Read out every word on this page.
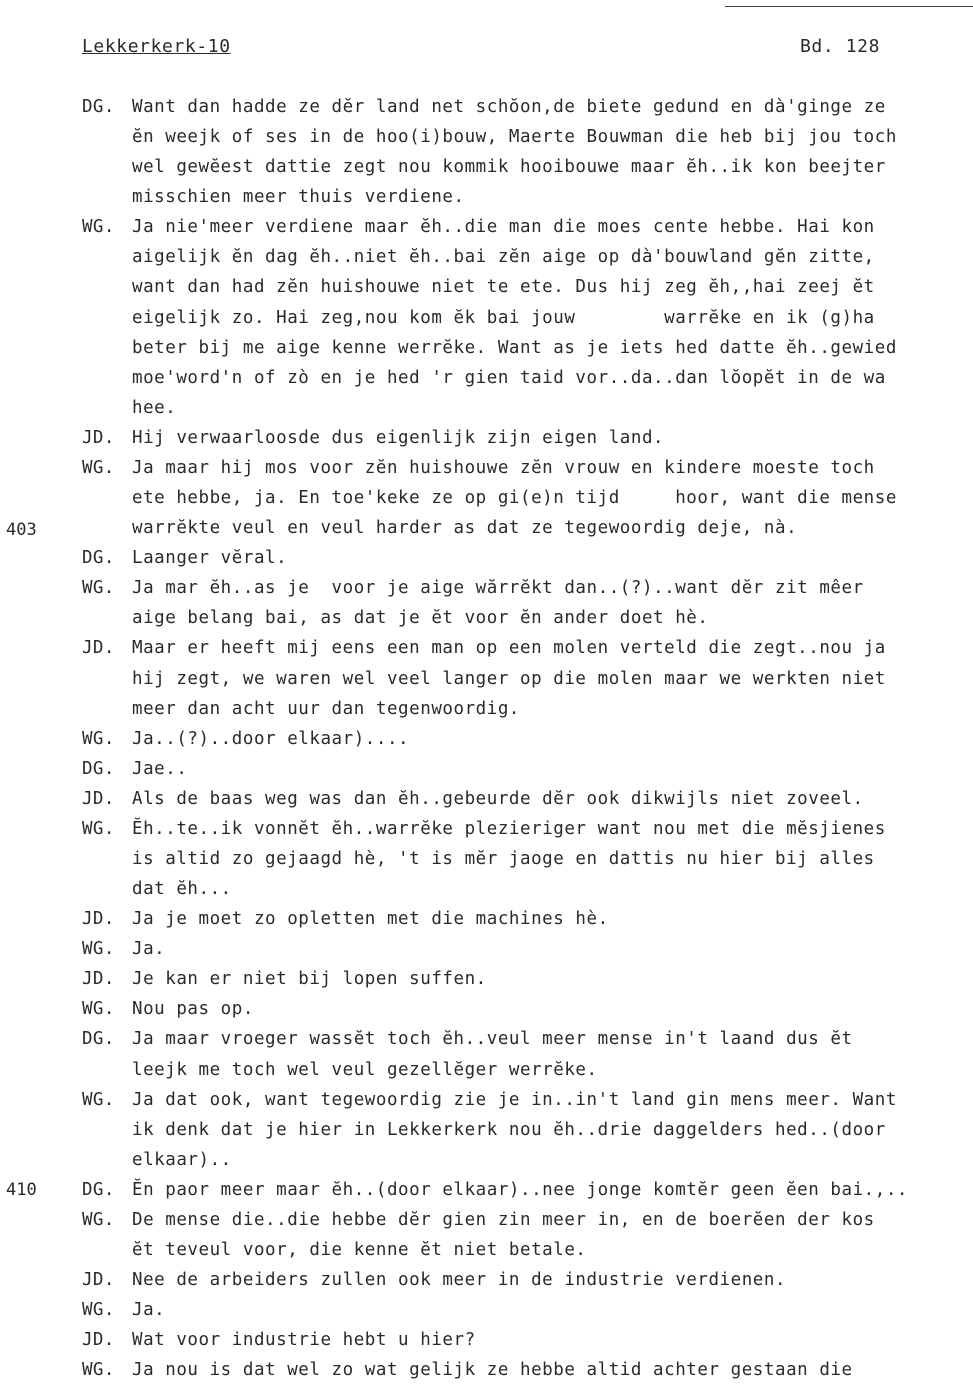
Lekkerkerk-10	Bd. 128
403
410
DG. Want dan hadde ze dĕr land net schŏon,de biete gedund en dà'ginge ze
ĕn weejk of ses in de hoo(i)bouw, Maerte Bouwman die heb bij jou toch
wel gewĕest dattie zegt nou kommik hooibouwe maar ĕh..ik kon beejter
misschien meer thuis verdiene.
WG. Ja nie'meer verdiene maar ĕh..die man die moes cente hebbe. Hai kon
aigelijk ĕn dag ĕh..niet ĕh..bai zĕn aige op dà'bouwland gĕn zitte,
want dan had zĕn huishouwe niet te ete. Dus hij zeg ĕh,,hai zeej ĕt
eigelijk zo. Hai zeg,nou kom ĕk bai jouw        warrĕke en ik (g)ha
beter bij me aige kenne werrĕke. Want as je iets hed datte ĕh..gewied
moe'word'n of zò en je hed 'r gien taid vor..da..dan lŏopĕt in de wa
hee.
JD. Hij verwaarloosde dus eigenlijk zijn eigen land.
WG. Ja maar hij mos voor zĕn huishouwe zĕn vrouw en kindere moeste toch
ete hebbe, ja. En toe'keke ze op gi(e)n tijd     hoor, want die mense
warrĕkte veul en veul harder as dat ze tegewoordig deje, nà.
DG. Laanger vĕral.
WG. Ja mar ĕh..as je  voor je aige wărrĕkt dan..(?)..want dĕr zit mêer
aige belang bai, as dat je ĕt voor ĕn ander doet hè.
JD. Maar er heeft mij eens een man op een molen verteld die zegt..nou ja
hij zegt, we waren wel veel langer op die molen maar we werkten niet
meer dan acht uur dan tegenwoordig.
WG. Ja..(?)..door elkaar)....
DG. Jae..
JD. Als de baas weg was dan ĕh..gebeurde dĕr ook dikwijls niet zoveel.
WG. Ĕh..te..ik vonnĕt ĕh..warrĕke plezieriger want nou met die mĕsjienes
is altid zo gejaagd hè, 't is mĕr jaoge en dattis nu hier bij alles
dat ĕh...
JD. Ja je moet zo opletten met die machines hè.
WG. Ja.
JD. Je kan er niet bij lopen suffen.
WG. Nou pas op.
DG. Ja maar vroeger wassĕt toch ĕh..veul meer mense in't laand dus ĕt
leejk me toch wel veul gezellĕger werrĕke.
WG. Ja dat ook, want tegewoordig zie je in..in't land gin mens meer. Want
ik denk dat je hier in Lekkerkerk nou ĕh..drie daggelders hed..(door
elkaar)..
DG. Ĕn paor meer maar ĕh..(door elkaar)..nee jonge komtĕr geen ĕen bai.,..
WG. De mense die..die hebbe dĕr gien zin meer in, en de boerĕen der kos
ĕt teveul voor, die kenne ĕt niet betale.
JD. Nee de arbeiders zullen ook meer in de industrie verdienen.
WG. Ja.
JD. Wat voor industrie hebt u hier?
WG. Ja nou is dat wel zo wat gelijk ze hebbe altid achter gestaan die
